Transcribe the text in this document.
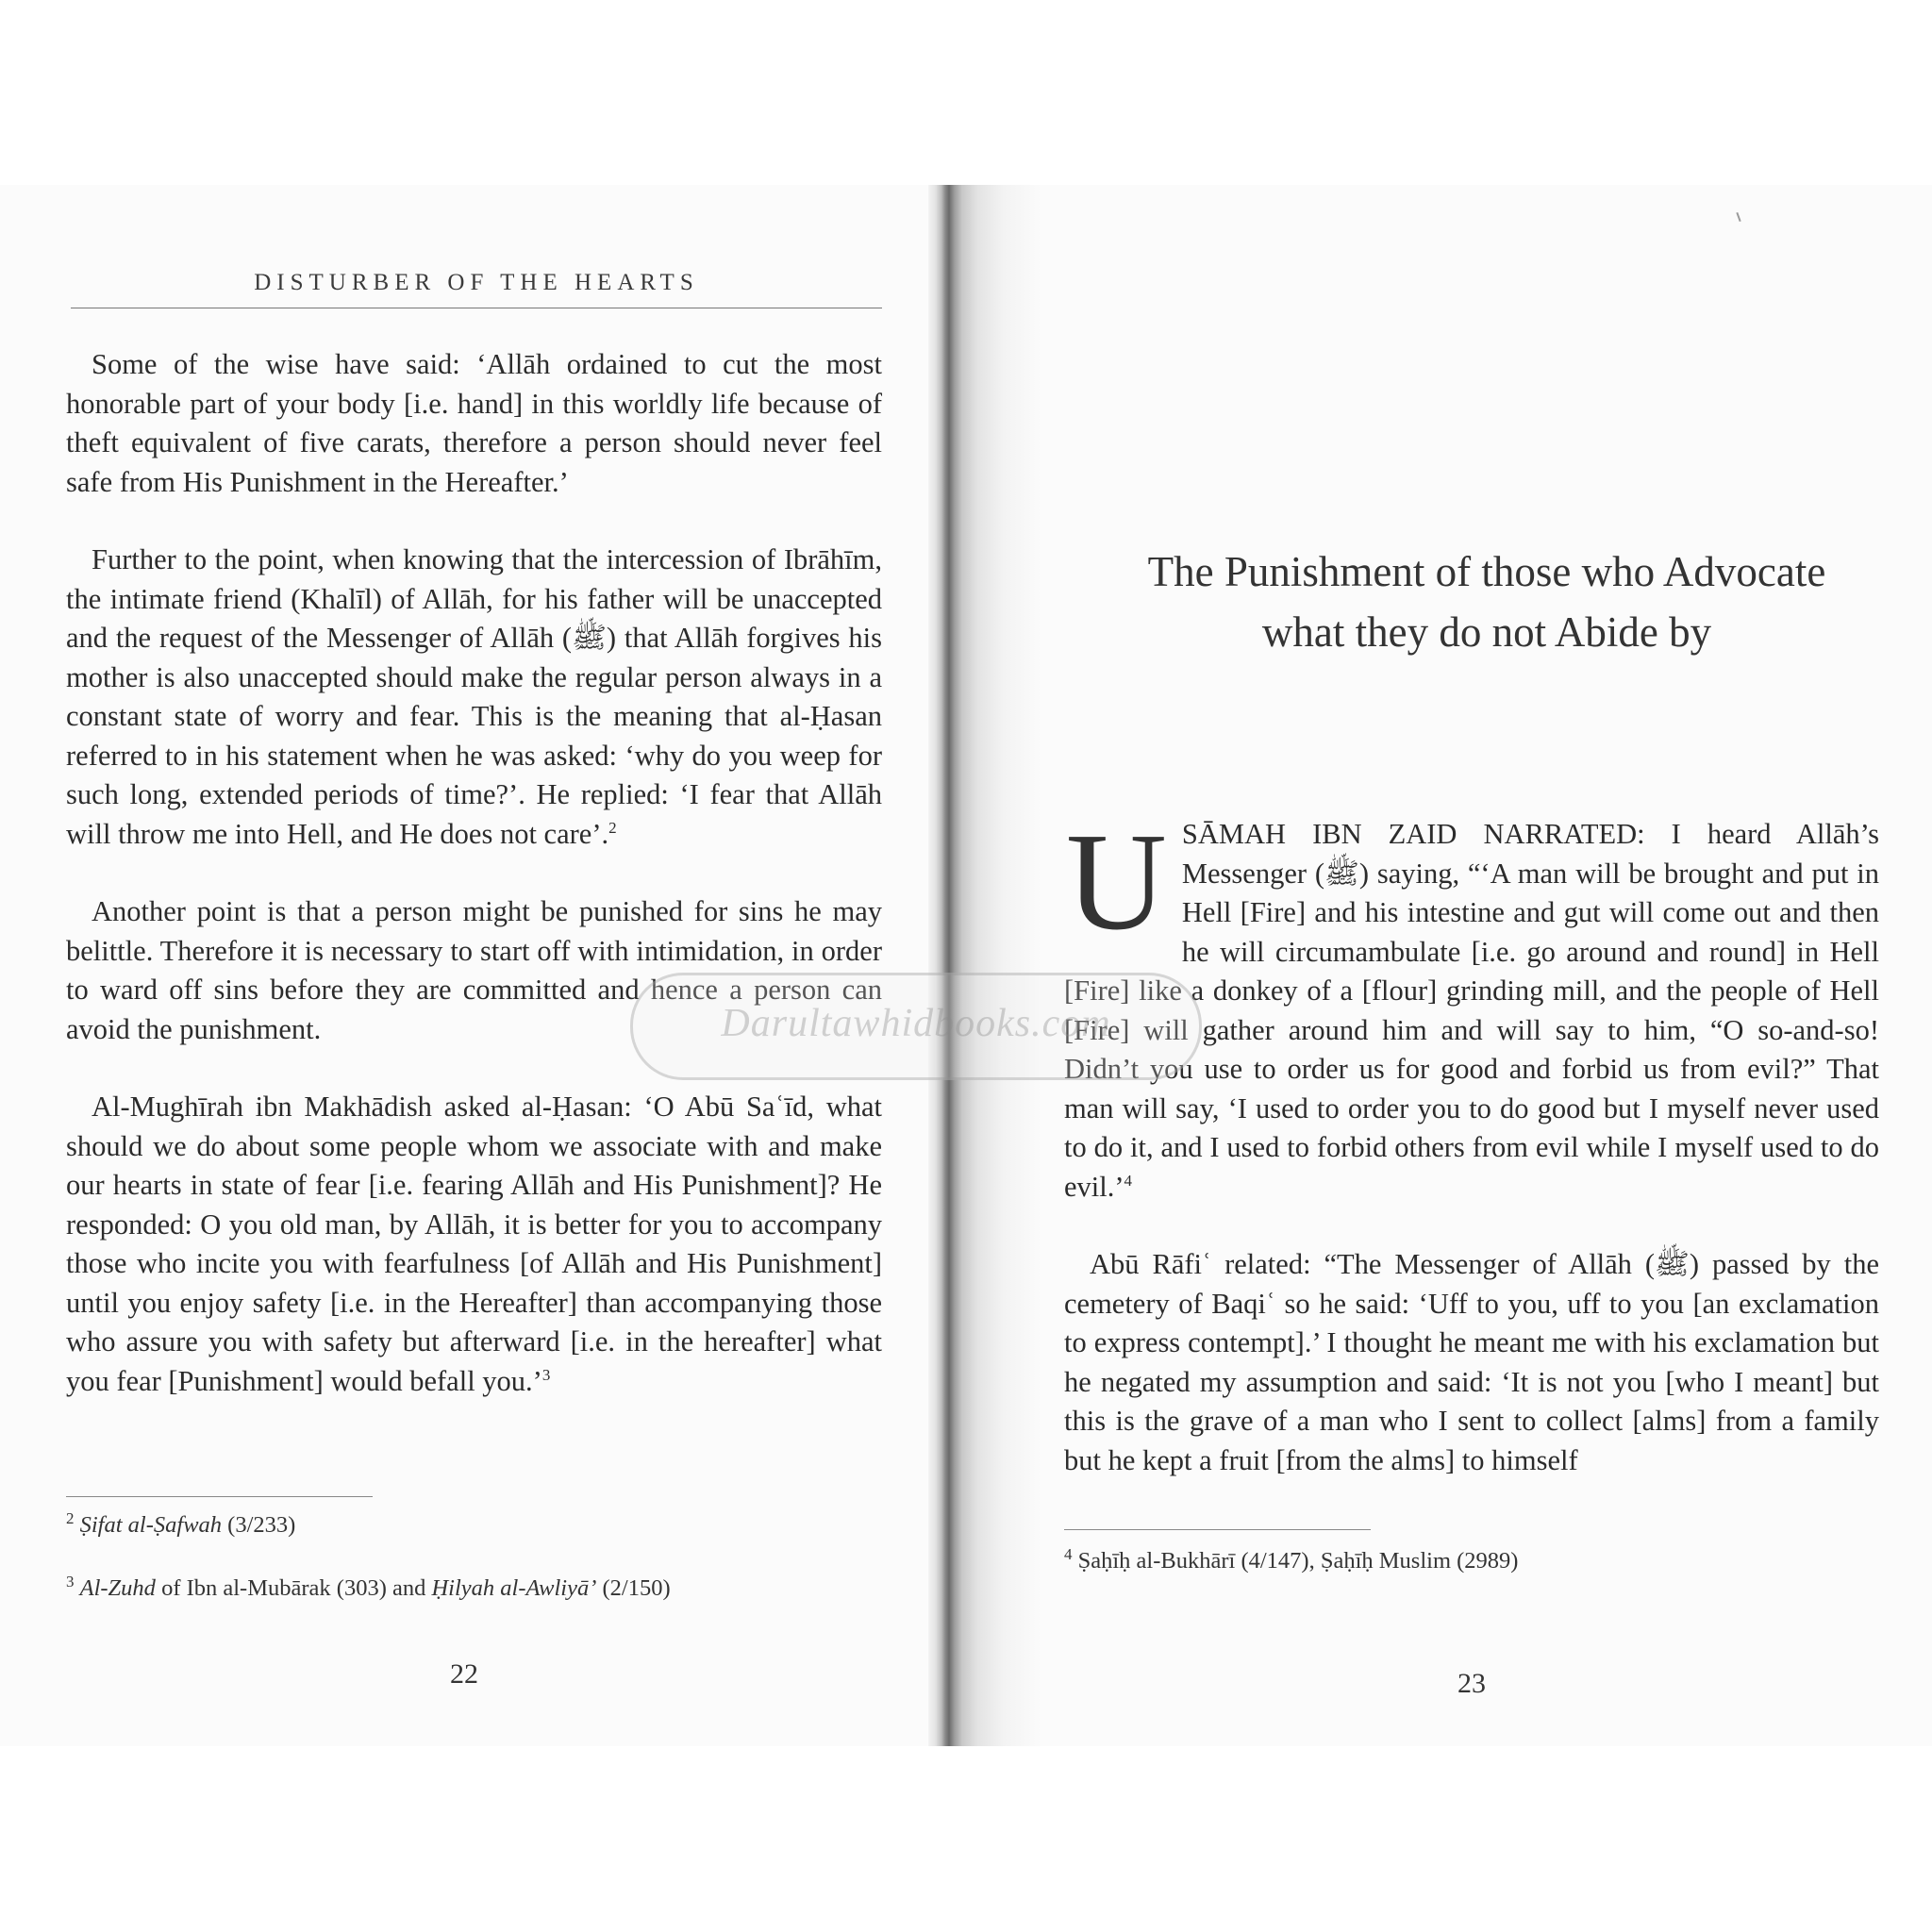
DISTURBER OF THE HEARTS

Some of the wise have said: ‘Allāh ordained to cut the most honorable part of your body [i.e. hand] in this worldly life because of theft equivalent of five carats, therefore a person should never feel safe from His Punishment in the Hereafter.’

Further to the point, when knowing that the intercession of Ibrāhīm, the intimate friend (Khalīl) of Allāh, for his father will be unaccepted and the request of the Messenger of Allāh (ﷺ) that Allāh forgives his mother is also unaccepted should make the regular person always in a constant state of worry and fear. This is the meaning that al-Ḥasan referred to in his statement when he was asked: ‘why do you weep for such long, extended periods of time?’. He replied: ‘I fear that Allāh will throw me into Hell, and He does not care’.$^2$

Another point is that a person might be punished for sins he may belittle. Therefore it is necessary to start off with intimidation, in order to ward off sins before they are committed and hence a person can avoid the punishment.

Al-Mughīrah ibn Makhādish asked al-Ḥasan: ‘O Abū Saʿīd, what should we do about some people whom we associate with and make our hearts in state of fear [i.e. fearing Allāh and His Punishment]? He responded: O you old man, by Allāh, it is better for you to accompany those who incite you with fearfulness [of Allāh and His Punishment] until you enjoy safety [i.e. in the Hereafter] than accompanying those who assure you with safety but afterward [i.e. in the hereafter] what you fear [Punishment] would befall you.’$^3$

$^2$ Ṣifat al-Ṣafwah (3/233)
$^3$ Al-Zuhd of Ibn al-Mubārak (303) and Ḥilyah al-Awliyā’ (2/150)
22
The Punishment of those who Advocate
what they do not Abide by

USĀMAH IBN ZAID NARRATED: I heard Allāh’s Messenger (ﷺ) saying, “‘A man will be brought and put in Hell [Fire] and his intestine and gut will come out and then he will circumambulate [i.e. go around and round] in Hell [Fire] like a donkey of a [flour] grinding mill, and the people of Hell [Fire] will gather around him and will say to him, “O so-and-so! Didn’t you use to order us for good and forbid us from evil?” That man will say, ‘I used to order you to do good but I myself never used to do it, and I used to forbid others from evil while I myself used to do evil.’$^4$

Abū Rāfiʿ related: “The Messenger of Allāh (ﷺ) passed by the cemetery of Baqiʿ so he said: ‘Uff to you, uff to you [an exclamation to express contempt].’ I thought he meant me with his exclamation but he negated my assumption and said: ‘It is not you [who I meant] but this is the grave of a man who I sent to collect [alms] from a family but he kept a fruit [from the alms] to himself

$^4$ Ṣaḥīḥ al-Bukhārī (4/147), Ṣaḥīḥ Muslim (2989)
23
Darultawhidbooks.com
